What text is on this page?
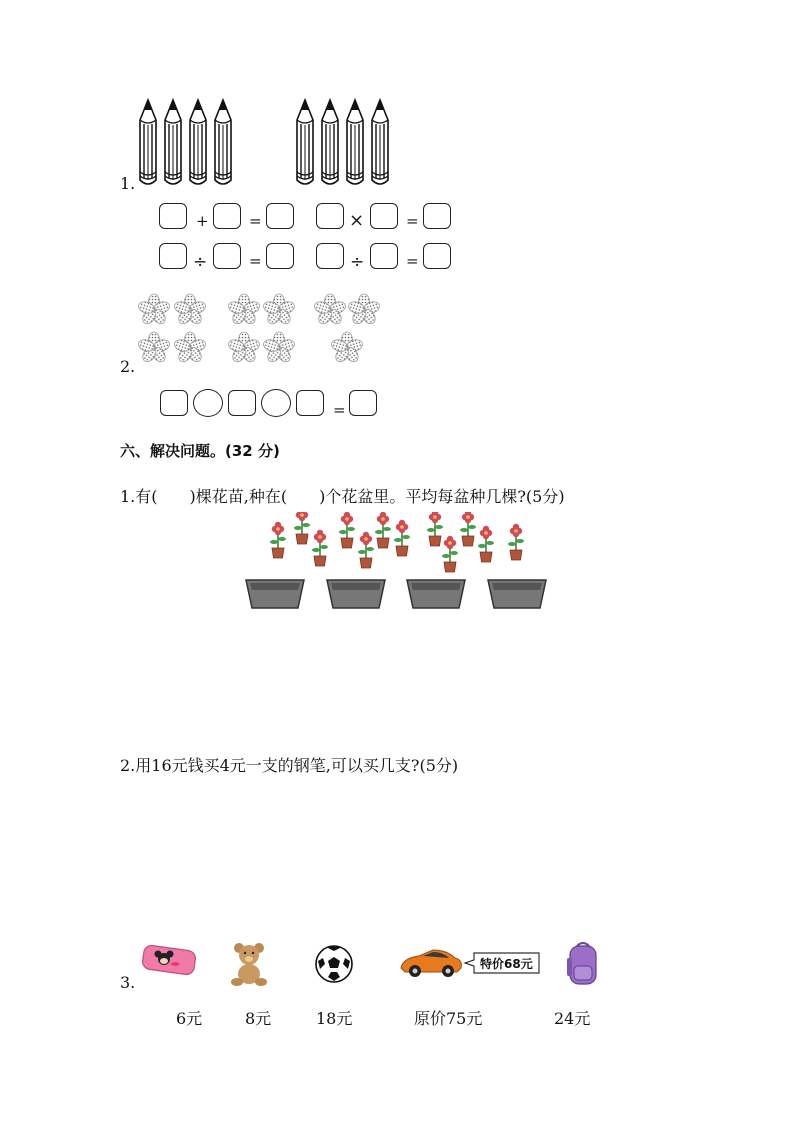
1.
+	=	×	=
÷	=	÷	=
2.
=
六、解决问题。(32 分)
1.有(　　)棵花苗,种在(　　)个花盆里。平均每盆种几棵?(5分)
2.用16元钱买4元一支的钢笔,可以买几支?(5分)
3.
特价68元
6元	8元	18元	原价75元	24元
